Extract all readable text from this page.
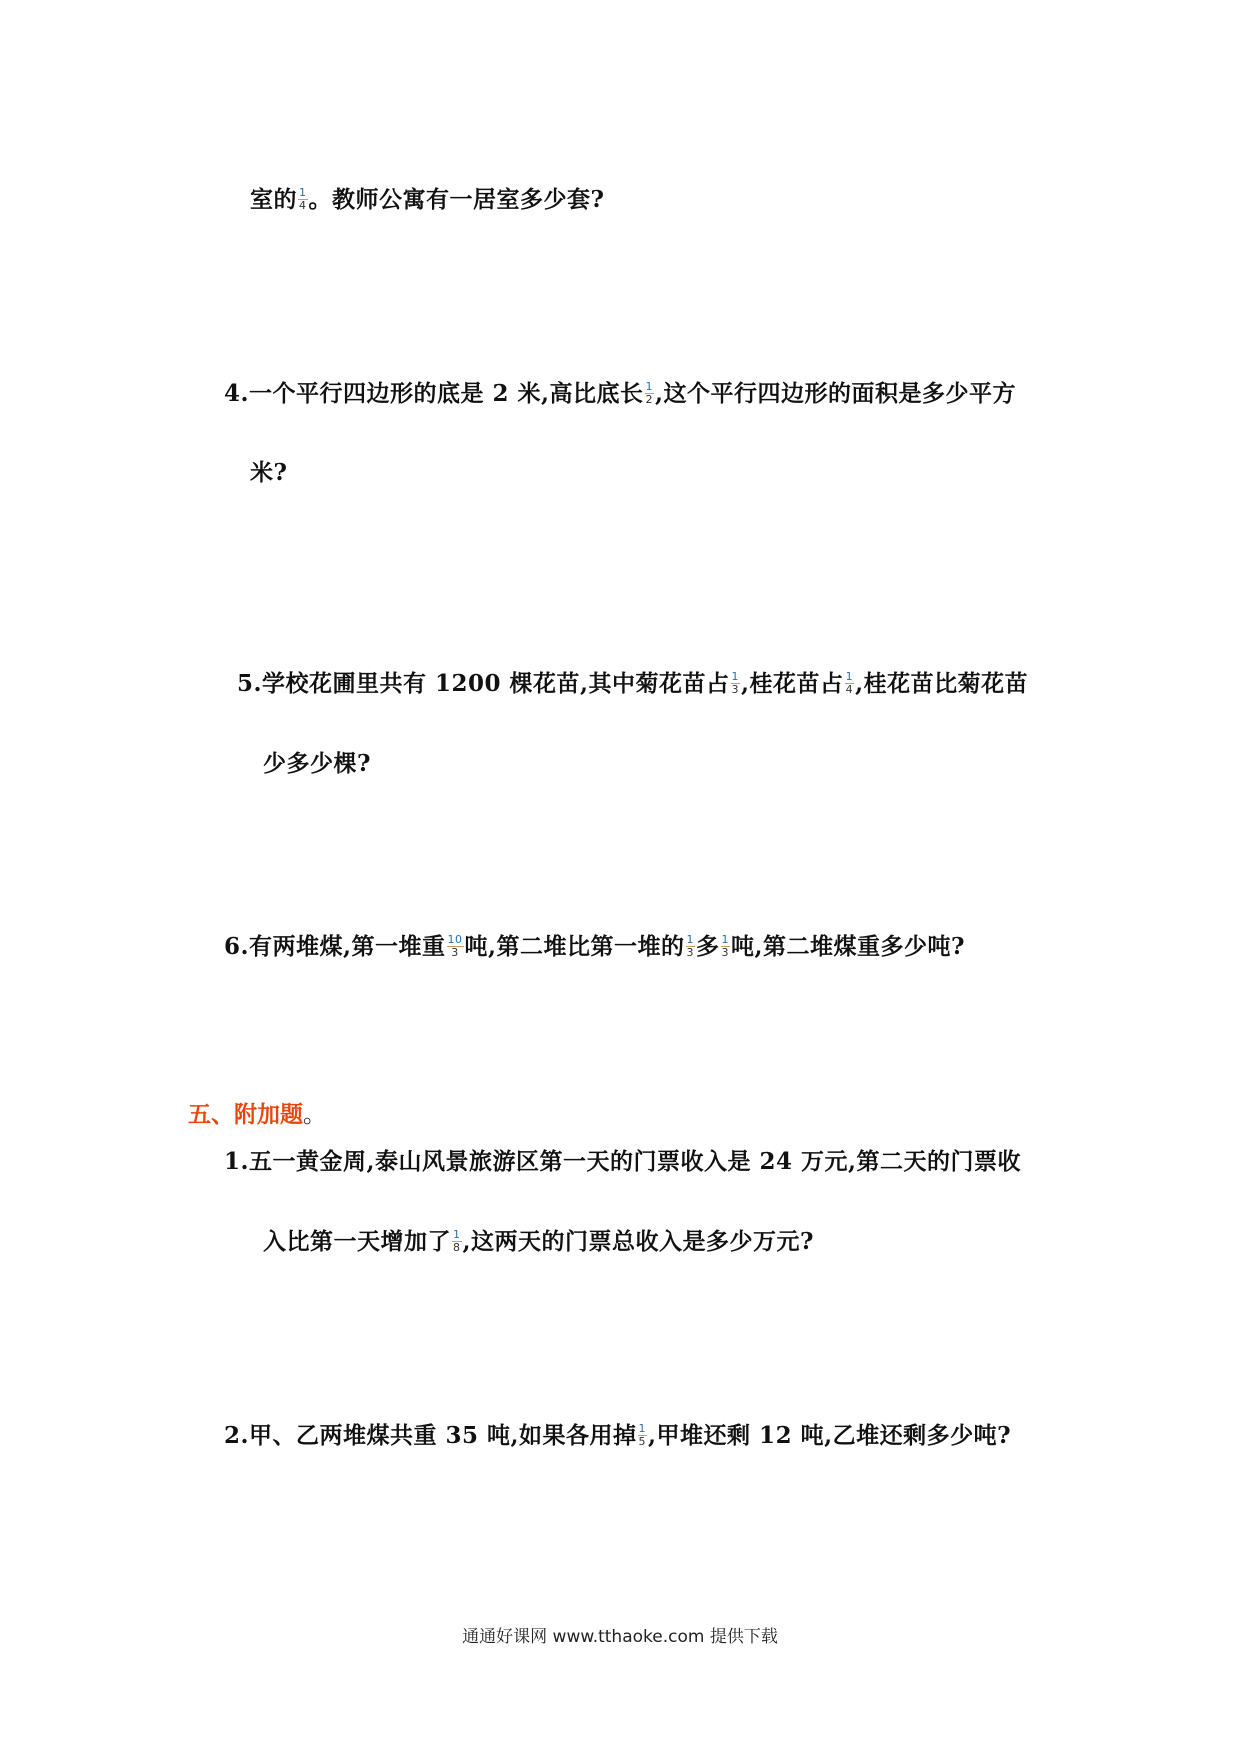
室的 $\frac{1}{4}$ 。教师公寓有一居室多少套?
4.一个平行四边形的底是 2 米,高比底长 $\frac{1}{2}$ ,这个平行四边形的面积是多少平方
米?
5.学校花圃里共有 1200 棵花苗,其中菊花苗占 $\frac{1}{3}$ ,桂花苗占 $\frac{1}{4}$ ,桂花苗比菊花苗
少多少棵?
6.有两堆煤,第一堆重 $\frac{10}{3}$ 吨,第二堆比第一堆的 $\frac{1}{3}$ 多 $\frac{1}{3}$ 吨,第二堆煤重多少吨?
五、附加题。
1.五一黄金周,泰山风景旅游区第一天的门票收入是 24 万元,第二天的门票收
入比第一天增加了 $\frac{1}{8}$ ,这两天的门票总收入是多少万元?
2.甲、乙两堆煤共重 35 吨,如果各用掉 $\frac{1}{5}$ ,甲堆还剩 12 吨,乙堆还剩多少吨?
通通好课网 www.tthaoke.com 提供下载
